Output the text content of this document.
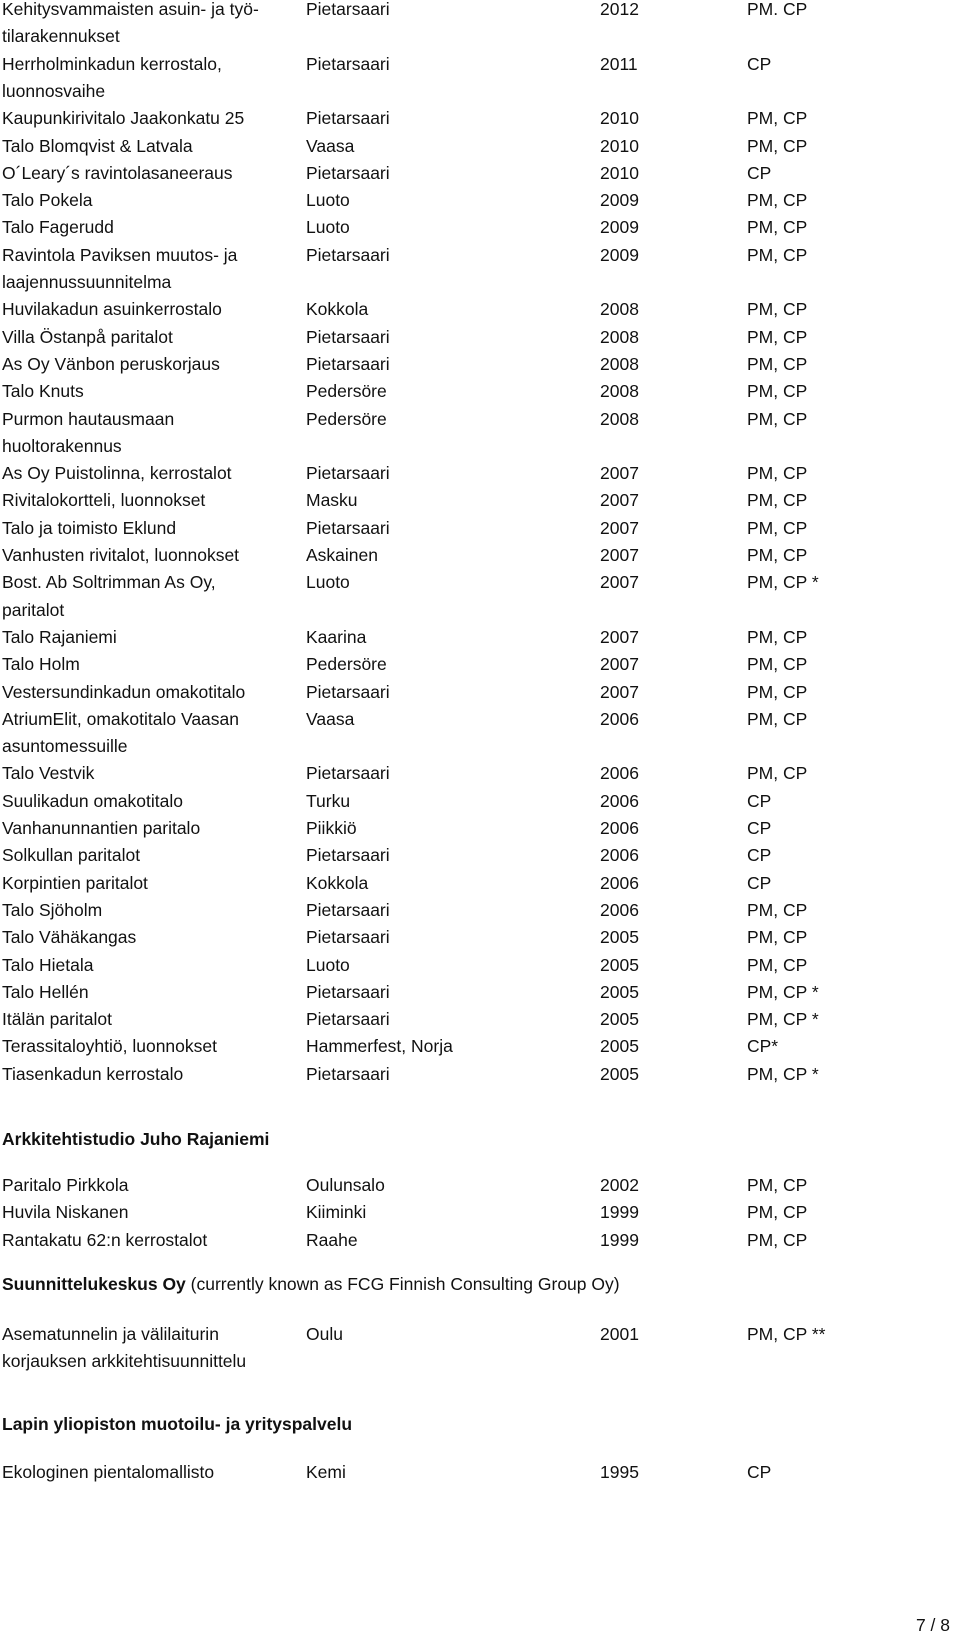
Kehitysvammaisten asuin- ja työ-
tilarakennukset
Pietarsaari	2012	PM. CP
Herrholminkadun kerrostalo,
luonnosvaihe
Pietarsaari	2011	CP
Kaupunkirivitalo Jaakonkatu 25	Pietarsaari	2010	PM, CP
Talo Blomqvist & Latvala	Vaasa	2010	PM, CP
O´Leary´s ravintolasaneeraus	Pietarsaari	2010	CP
Talo Pokela	Luoto	2009	PM, CP
Talo Fagerudd	Luoto	2009	PM, CP
Ravintola Paviksen muutos- ja
laajennussuunnitelma
Pietarsaari	2009	PM, CP
Huvilakadun asuinkerrostalo	Kokkola	2008	PM, CP
Villa Östanpå paritalot	Pietarsaari	2008	PM, CP
As Oy Vänbon peruskorjaus	Pietarsaari	2008	PM, CP
Talo Knuts	Pedersöre	2008	PM, CP
Purmon hautausmaan
huoltorakennus
Pedersöre	2008	PM, CP
As Oy Puistolinna, kerrostalot	Pietarsaari	2007	PM, CP
Rivitalokortteli, luonnokset	Masku	2007	PM, CP
Talo ja toimisto Eklund	Pietarsaari	2007	PM, CP
Vanhusten rivitalot, luonnokset	Askainen	2007	PM, CP
Bost. Ab Soltrimman As Oy,
paritalot
Luoto	2007	PM, CP *
Talo Rajaniemi	Kaarina	2007	PM, CP
Talo Holm	Pedersöre	2007	PM, CP
Vestersundinkadun omakotitalo	Pietarsaari	2007	PM, CP
AtriumElit, omakotitalo Vaasan
asuntomessuille
Vaasa	2006	PM, CP
Talo Vestvik	Pietarsaari	2006	PM, CP
Suulikadun omakotitalo	Turku	2006	CP
Vanhanunnantien paritalo	Piikkiö	2006	CP
Solkullan paritalot	Pietarsaari	2006	CP
Korpintien paritalot	Kokkola	2006	CP
Talo Sjöholm	Pietarsaari	2006	PM, CP
Talo Vähäkangas	Pietarsaari	2005	PM, CP
Talo Hietala	Luoto	2005	PM, CP
Talo Hellén	Pietarsaari	2005	PM, CP *
Itälän paritalot	Pietarsaari	2005	PM, CP *
Terassitaloyhtiö, luonnokset	Hammerfest, Norja	2005	CP*
Tiasenkadun kerrostalo	Pietarsaari	2005	PM, CP *
Arkkitehtistudio Juho Rajaniemi
Paritalo Pirkkola	Oulunsalo	2002	PM, CP
Huvila Niskanen	Kiiminki	1999	PM, CP
Rantakatu 62:n kerrostalot	Raahe	1999	PM, CP
Suunnittelukeskus Oy (currently known as FCG Finnish Consulting Group Oy)
Asematunnelin ja välilaiturin
korjauksen arkkitehtisuunnittelu
Oulu	2001	PM, CP **
Lapin yliopiston muotoilu- ja yrityspalvelu
Ekologinen pientalomallisto	Kemi	1995	CP
7 / 8
